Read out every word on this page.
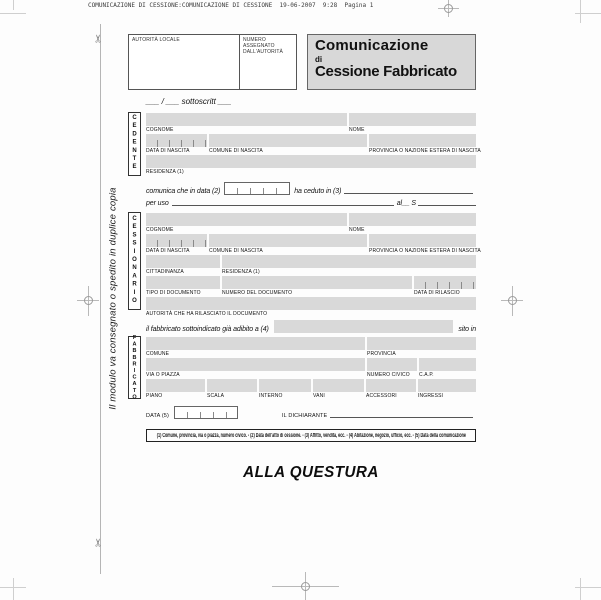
COMUNICAZIONE DI CESSIONE:COMUNICAZIONE DI CESSIONE  19-06-2007  9:28  Pagina 1
✂
✂
Il modulo va consegnato o spedito in duplice copia
AUTORITÀ LOCALE	NUMERO ASSEGNATO DALL'AUTORITÀ	Comunicazione
di
Cessione Fabbricato
___ / ___ sottoscritt ___
CEDENTE COGNOME	NOME
DATA DI NASCITA	COMUNE DI NASCITA	PROVINCIA O NAZIONE ESTERA DI NASCITA
RESIDENZA (1)
comunica che in data (2)	ha ceduto in (3)
per uso	al__ S
CESSIONARIO COGNOME	NOME
DATA DI NASCITA	COMUNE DI NASCITA	PROVINCIA O NAZIONE ESTERA DI NASCITA
CITTADINANZA	RESIDENZA (1)
TIPO DI DOCUMENTO	NUMERO DEL DOCUMENTO	DATA DI RILASCIO
AUTORITÀ CHE HA RILASCIATO IL DOCUMENTO
il fabbricato sottoindicato già adibito a (4)	sito in
FABBRICATO COMUNE	PROVINCIA
VIA O PIAZZA	NUMERO CIVICO	C.A.P.
PIANO	SCALA	INTERNO	VANI	ACCESSORI	INGRESSI
DATA (5)	IL DICHIARANTE
(1) Comune, provincia, via o piazza, numero civico. - (2) Data dell'atto di cessione. - (3) Affitto, vendita, ecc. - (4) Abitazione, negozio, ufficio, ecc. - (5) Data della comunicazione
ALLA QUESTURA
